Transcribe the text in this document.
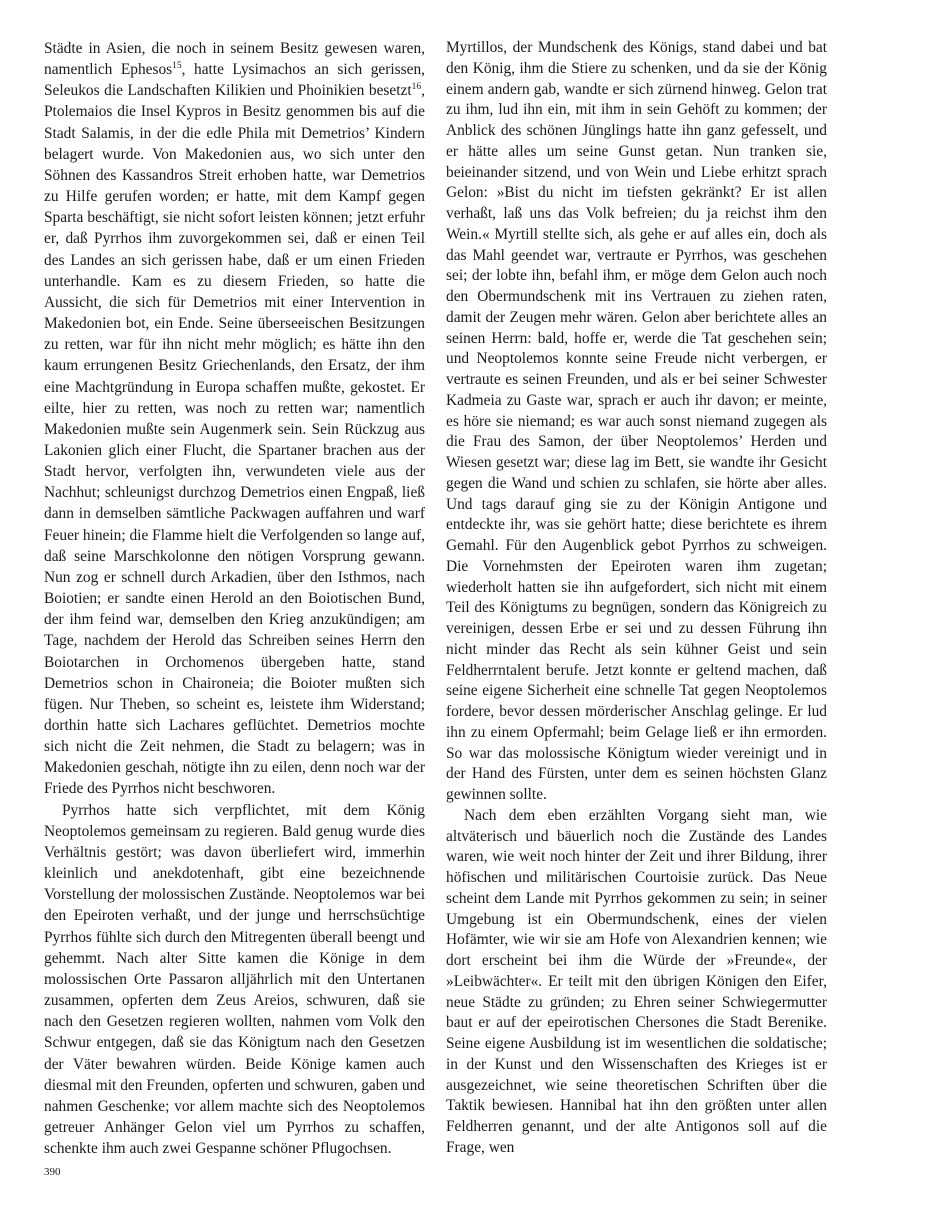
Städte in Asien, die noch in seinem Besitz gewesen waren, namentlich Ephesos$^{15}$, hatte Lysimachos an sich gerissen, Seleukos die Landschaften Kilikien und Phoinikien besetzt$^{16}$, Ptolemaios die Insel Kypros in Besitz genommen bis auf die Stadt Salamis, in der die edle Phila mit Demetrios’ Kindern belagert wurde. Von Makedonien aus, wo sich unter den Söhnen des Kassandros Streit erhoben hatte, war Demetrios zu Hilfe gerufen worden; er hatte, mit dem Kampf gegen Sparta beschäftigt, sie nicht sofort leisten können; jetzt erfuhr er, daß Pyrrhos ihm zuvorgekommen sei, daß er einen Teil des Landes an sich gerissen habe, daß er um einen Frieden unterhandle. Kam es zu diesem Frieden, so hatte die Aussicht, die sich für Demetrios mit einer Intervention in Makedonien bot, ein Ende. Seine überseeischen Besitzungen zu retten, war für ihn nicht mehr möglich; es hätte ihn den kaum errungenen Besitz Griechenlands, den Ersatz, der ihm eine Machtgründung in Europa schaffen mußte, gekostet. Er eilte, hier zu retten, was noch zu retten war; namentlich Makedonien mußte sein Augenmerk sein. Sein Rückzug aus Lakonien glich einer Flucht, die Spartaner brachen aus der Stadt hervor, verfolgten ihn, verwundeten viele aus der Nachhut; schleunigst durchzog Demetrios einen Engpaß, ließ dann in demselben sämtliche Packwagen auffahren und warf Feuer hinein; die Flamme hielt die Verfolgenden so lange auf, daß seine Marschkolonne den nötigen Vorsprung gewann. Nun zog er schnell durch Arkadien, über den Isthmos, nach Boiotien; er sandte einen Herold an den Boiotischen Bund, der ihm feind war, demselben den Krieg anzukündigen; am Tage, nachdem der Herold das Schreiben seines Herrn den Boiotarchen in Orchomenos übergeben hatte, stand Demetrios schon in Chaironeia; die Boioter mußten sich fügen. Nur Theben, so scheint es, leistete ihm Widerstand; dorthin hatte sich Lachares geflüchtet. Demetrios mochte sich nicht die Zeit nehmen, die Stadt zu belagern; was in Makedonien geschah, nötigte ihn zu eilen, denn noch war der Friede des Pyrrhos nicht beschworen.

Pyrrhos hatte sich verpflichtet, mit dem König Neoptolemos gemeinsam zu regieren. Bald genug wurde dies Verhältnis gestört; was davon überliefert wird, immerhin kleinlich und anekdotenhaft, gibt eine bezeichnende Vorstellung der molossischen Zustände. Neoptolemos war bei den Epeiroten verhaßt, und der junge und herrschsüchtige Pyrrhos fühlte sich durch den Mitregenten überall beengt und gehemmt. Nach alter Sitte kamen die Könige in dem molossischen Orte Passaron alljährlich mit den Untertanen zusammen, opferten dem Zeus Areios, schwuren, daß sie nach den Gesetzen regieren wollten, nahmen vom Volk den Schwur entgegen, daß sie das Königtum nach den Gesetzen der Väter bewahren würden. Beide Könige kamen auch diesmal mit den Freunden, opferten und schwuren, gaben und nahmen Geschenke; vor allem machte sich des Neoptolemos getreuer Anhänger Gelon viel um Pyrrhos zu schaffen, schenkte ihm auch zwei Gespanne schöner Pflugochsen.

Myrtillos, der Mundschenk des Königs, stand dabei und bat den König, ihm die Stiere zu schenken, und da sie der König einem andern gab, wandte er sich zürnend hinweg. Gelon trat zu ihm, lud ihn ein, mit ihm in sein Gehöft zu kommen; der Anblick des schönen Jünglings hatte ihn ganz gefesselt, und er hätte alles um seine Gunst getan. Nun tranken sie, beieinander sitzend, und von Wein und Liebe erhitzt sprach Gelon: »Bist du nicht im tiefsten gekränkt? Er ist allen verhaßt, laß uns das Volk befreien; du ja reichst ihm den Wein.« Myrtill stellte sich, als gehe er auf alles ein, doch als das Mahl geendet war, vertraute er Pyrrhos, was geschehen sei; der lobte ihn, befahl ihm, er möge dem Gelon auch noch den Obermundschenk mit ins Vertrauen zu ziehen raten, damit der Zeugen mehr wären. Gelon aber berichtete alles an seinen Herrn: bald, hoffe er, werde die Tat geschehen sein; und Neoptolemos konnte seine Freude nicht verbergen, er vertraute es seinen Freunden, und als er bei seiner Schwester Kadmeia zu Gaste war, sprach er auch ihr davon; er meinte, es höre sie niemand; es war auch sonst niemand zugegen als die Frau des Samon, der über Neoptolemos’ Herden und Wiesen gesetzt war; diese lag im Bett, sie wandte ihr Gesicht gegen die Wand und schien zu schlafen, sie hörte aber alles. Und tags darauf ging sie zu der Königin Antigone und entdeckte ihr, was sie gehört hatte; diese berichtete es ihrem Gemahl. Für den Augenblick gebot Pyrrhos zu schweigen. Die Vornehmsten der Epeiroten waren ihm zugetan; wiederholt hatten sie ihn aufgefordert, sich nicht mit einem Teil des Königtums zu begnügen, sondern das Königreich zu vereinigen, dessen Erbe er sei und zu dessen Führung ihn nicht minder das Recht als sein kühner Geist und sein Feldherrntalent berufe. Jetzt konnte er geltend machen, daß seine eigene Sicherheit eine schnelle Tat gegen Neoptolemos fordere, bevor dessen mörderischer Anschlag gelinge. Er lud ihn zu einem Opfermahl; beim Gelage ließ er ihn ermorden. So war das molossische Königtum wieder vereinigt und in der Hand des Fürsten, unter dem es seinen höchsten Glanz gewinnen sollte.

Nach dem eben erzählten Vorgang sieht man, wie altväterisch und bäuerlich noch die Zustände des Landes waren, wie weit noch hinter der Zeit und ihrer Bildung, ihrer höfischen und militärischen Courtoisie zurück. Das Neue scheint dem Lande mit Pyrrhos gekommen zu sein; in seiner Umgebung ist ein Obermundschenk, eines der vielen Hofämter, wie wir sie am Hofe von Alexandrien kennen; wie dort erscheint bei ihm die Würde der »Freunde«, der »Leibwächter«. Er teilt mit den übrigen Königen den Eifer, neue Städte zu gründen; zu Ehren seiner Schwiegermutter baut er auf der epeirotischen Chersones die Stadt Berenike. Seine eigene Ausbildung ist im wesentlichen die soldatische; in der Kunst und den Wissenschaften des Krieges ist er ausgezeichnet, wie seine theoretischen Schriften über die Taktik bewiesen. Hannibal hat ihn den größten unter allen Feldherren genannt, und der alte Antigonos soll auf die Frage, wen

390
